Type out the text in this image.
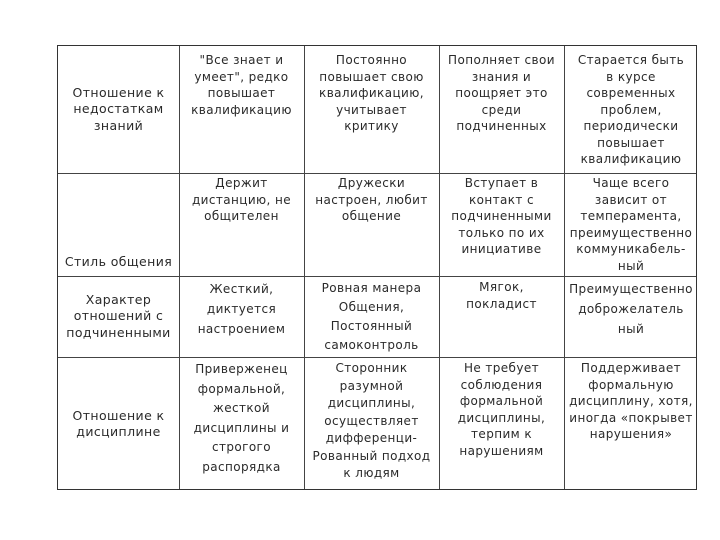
Отношение к
недостаткам
знаний
"Все знает и
умеет", редко
повышает
квалификацию
Постоянно
повышает свою
квалификацию,
учитывает
критику
Пополняет свои
знания и
поощряет это
среди
подчиненных
Старается быть
в курсе
современных
проблем,
периодически
повышает
квалификацию
Стиль общения
Держит
дистанцию, не
общителен
Дружески
настроен, любит
общение
Вступает в
контакт с
подчиненными
только по их
инициативе
Чаще всего
зависит от
темперамента,
преимущественно
коммуникабель-
ный
Характер
отношений с
подчиненными
Жесткий,
диктуется
настроением
Ровная манера
Общения,
Постоянный
самоконтроль
Мягок,
покладист
Преимущественно
доброжелатель
ный
Отношение к
дисциплине
Приверженец
формальной,
жесткой
дисциплины и
строгого
распорядка
Сторонник
разумной
дисциплины,
осуществляет
дифференци-
Рованный подход
к людям
Не требует
соблюдения
формальной
дисциплины,
терпим к
нарушениям
Поддерживает
формальную
дисциплину, хотя,
иногда «покрывет
нарушения»
